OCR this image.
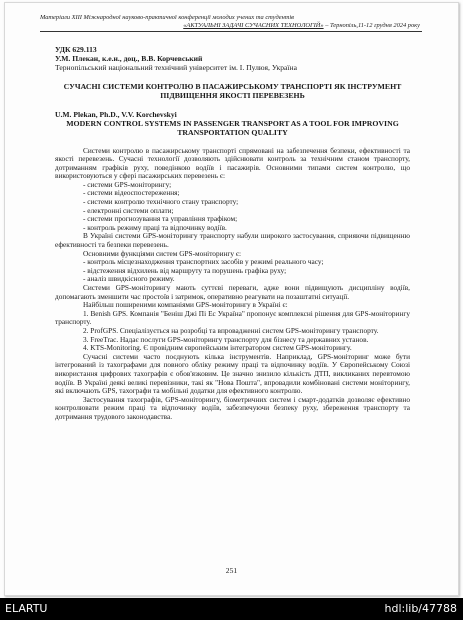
Матеріали XIII Міжнародної науково-практичної конференції молодих учених та студентів
«АКТУАЛЬНІ ЗАДАЧІ СУЧАСНИХ ТЕХНОЛОГІЙ» – Тернопіль,11-12 грудня 2024 року
УДК 629.113
У.М. Плекан, к.е.н., доц., В.В. Корчевський
Тернопільський національний технічний університет ім. І. Пулюя, Україна
СУЧАСНІ СИСТЕМИ КОНТРОЛЮ В ПАСАЖИРСЬКОМУ ТРАНСПОРТІ ЯК ІНСТРУМЕНТ ПІДВИЩЕННЯ ЯКОСТІ ПЕРЕВЕЗЕНЬ
U.M. Plekan, Ph.D., V.V. Korchevskyi
MODERN CONTROL SYSTEMS IN PASSENGER TRANSPORT AS A TOOL FOR IMPROVING TRANSPORTATION QUALITY
Системи контролю в пасажирському транспорті спрямовані на забезпечення безпеки, ефективності та якості перевезень. Сучасні технології дозволяють здійснювати контроль за технічним станом транспорту, дотриманням графіків руху, поведінкою водіїв і пасажирів. Основними типами систем контролю, що використовуються у сфері пасажирських перевезень є:
- системи GPS-моніторингу;
- системи відеоспостереження;
- системи контролю технічного стану транспорту;
- електронні системи оплати;
- системи прогнозування та управління трафіком;
- контроль режиму праці та відпочинку водіїв.
В Україні системи GPS-моніторингу транспорту набули широкого застосування, сприяючи підвищенню ефективності та безпеки перевезень.
Основними функціями систем GPS-моніторингу є:
- контроль місцезнаходження транспортних засобів у режимі реального часу;
- відстеження відхилень від маршруту та порушень графіка руху;
- аналіз швидкісного режиму.
Системи GPS-моніторингу мають суттєві переваги, адже вони підвищують дисципліну водіїв, допомагають зменшити час простоїв і затримок, оперативно реагувати на позаштатні ситуації.
Найбільш поширеними компаніями GPS-моніторингу в Україні є:
1. Benish GPS. Компанія "Беніш Джі Пі Ес Україна" пропонує комплексні рішення для GPS-моніторингу транспорту.
2. ProfGPS. Спеціалізується на розробці та впровадженні систем GPS-моніторингу транспорту.
3. FreeTrac. Надає послуги GPS-моніторингу транспорту для бізнесу та державних установ.
4. KTS-Monitoring. Є провідним європейським інтегратором систем GPS-моніторингу.
Сучасні системи часто поєднують кілька інструментів. Наприклад, GPS-моніторинг може бути інтегрований із тахографами для повного обліку режиму праці та відпочинку водіїв. У Європейському Союзі використання цифрових тахографів є обов'язковим. Це значно знизило кількість ДТП, викликаних перевтомою водіїв. В Україні деякі великі перевізники, такі як "Нова Пошта", впровадили комбіновані системи моніторингу, які включають GPS, тахографи та мобільні додатки для ефективного контролю.
Застосування тахографів, GPS-моніторингу, біометричних систем і смарт-додатків дозволяє ефективно контролювати режим праці та відпочинку водіїв, забезпечуючи безпеку руху, збереження транспорту та дотримання трудового законодавства.
251
ELARTU	hdl:lib/47788
